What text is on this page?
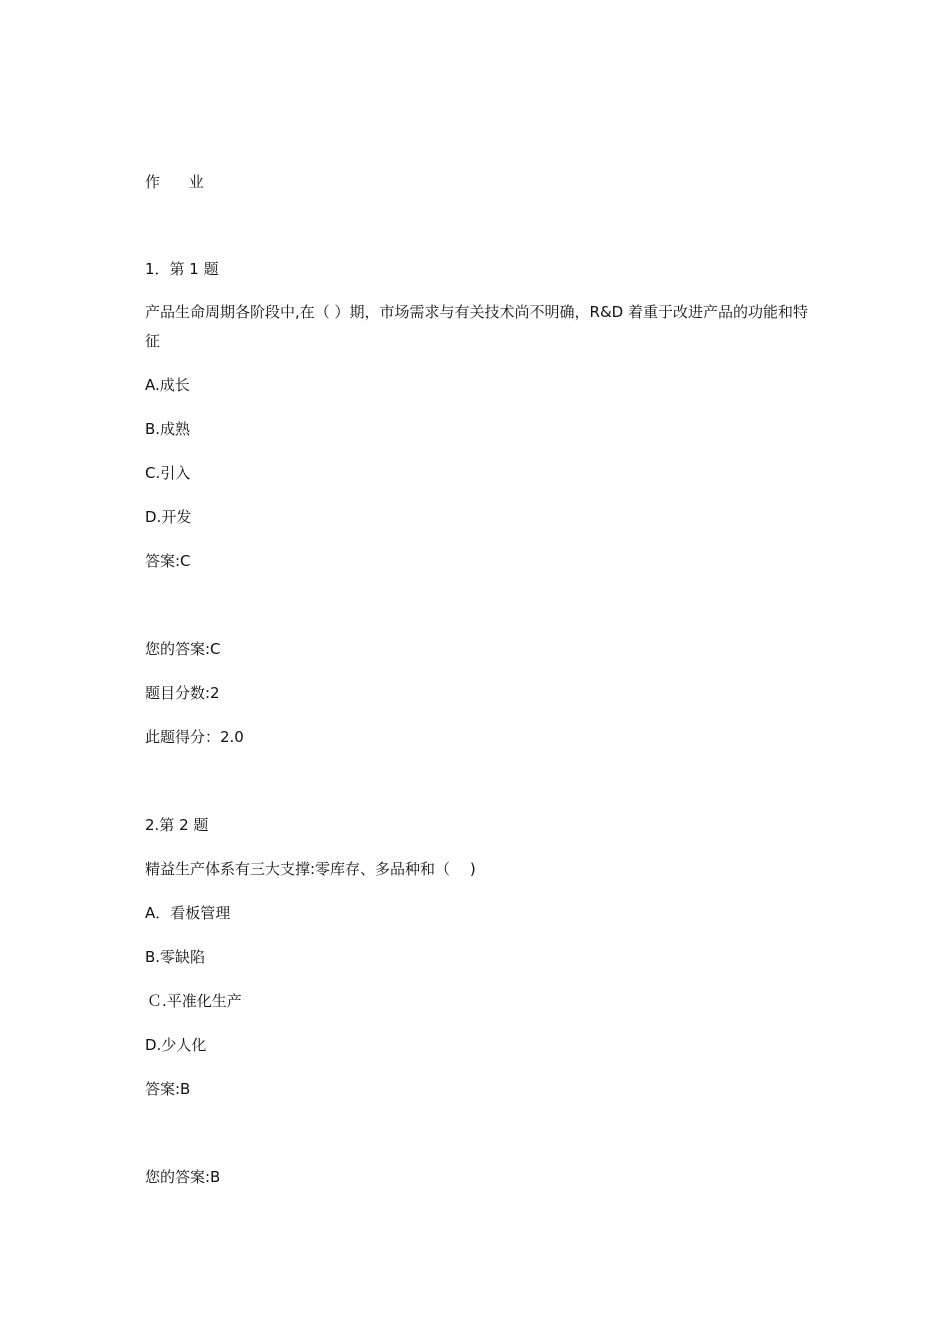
作 业
1．第 1 题
产品生命周期各阶段中,在（ ）期，市场需求与有关技术尚不明确，R&D 着重于改进产品的功能和特征
A.成长
B.成熟
C.引入
D.开发
答案:C
您的答案:C
题目分数:2
此题得分：2.0
2.第 2 题
精益生产体系有三大支撑:零库存、多品种和（　 )
A．看板管理
B.零缺陷
Ｃ.平准化生产
D.少人化
答案:B
您的答案:B
